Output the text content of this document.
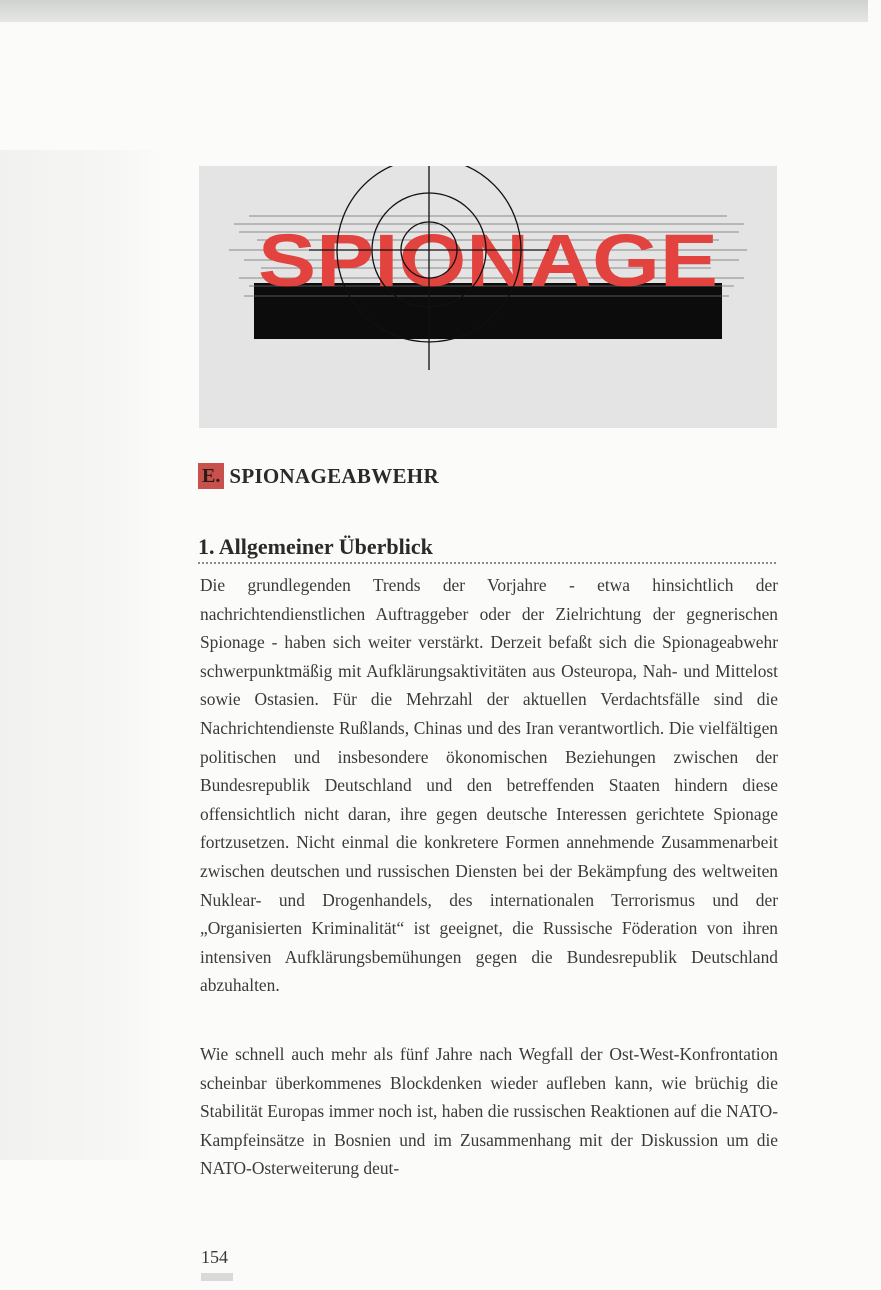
SPIONAGE
E. SPIONAGEABWEHR
1. Allgemeiner Überblick
Die grundlegenden Trends der Vorjahre - etwa hinsichtlich der nachrichtendienstlichen Auftraggeber oder der Zielrichtung der gegnerischen Spionage - haben sich weiter verstärkt. Derzeit befaßt sich die Spionageabwehr schwerpunktmäßig mit Aufklärungsaktivitäten aus Osteuropa, Nah- und Mittelost sowie Ostasien. Für die Mehrzahl der aktuellen Verdachtsfälle sind die Nachrichtendienste Rußlands, Chinas und des Iran verantwortlich. Die vielfältigen politischen und insbesondere ökonomischen Beziehungen zwischen der Bundesrepublik Deutschland und den betreffenden Staaten hindern diese offensichtlich nicht daran, ihre gegen deutsche Interessen gerichtete Spionage fortzusetzen. Nicht einmal die konkretere Formen annehmende Zusammenarbeit zwischen deutschen und russischen Diensten bei der Bekämpfung des weltweiten Nuklear- und Drogenhandels, des internationalen Terrorismus und der „Organisierten Kriminalität“ ist geeignet, die Russische Föderation von ihren intensiven Aufklärungsbemühungen gegen die Bundesrepublik Deutschland abzuhalten.
Wie schnell auch mehr als fünf Jahre nach Wegfall der Ost-West-Konfrontation scheinbar überkommenes Blockdenken wieder aufleben kann, wie brüchig die Stabilität Europas immer noch ist, haben die russischen Reaktionen auf die NATO-Kampfeinsätze in Bosnien und im Zusammenhang mit der Diskussion um die NATO-Osterweiterung deut-
154
